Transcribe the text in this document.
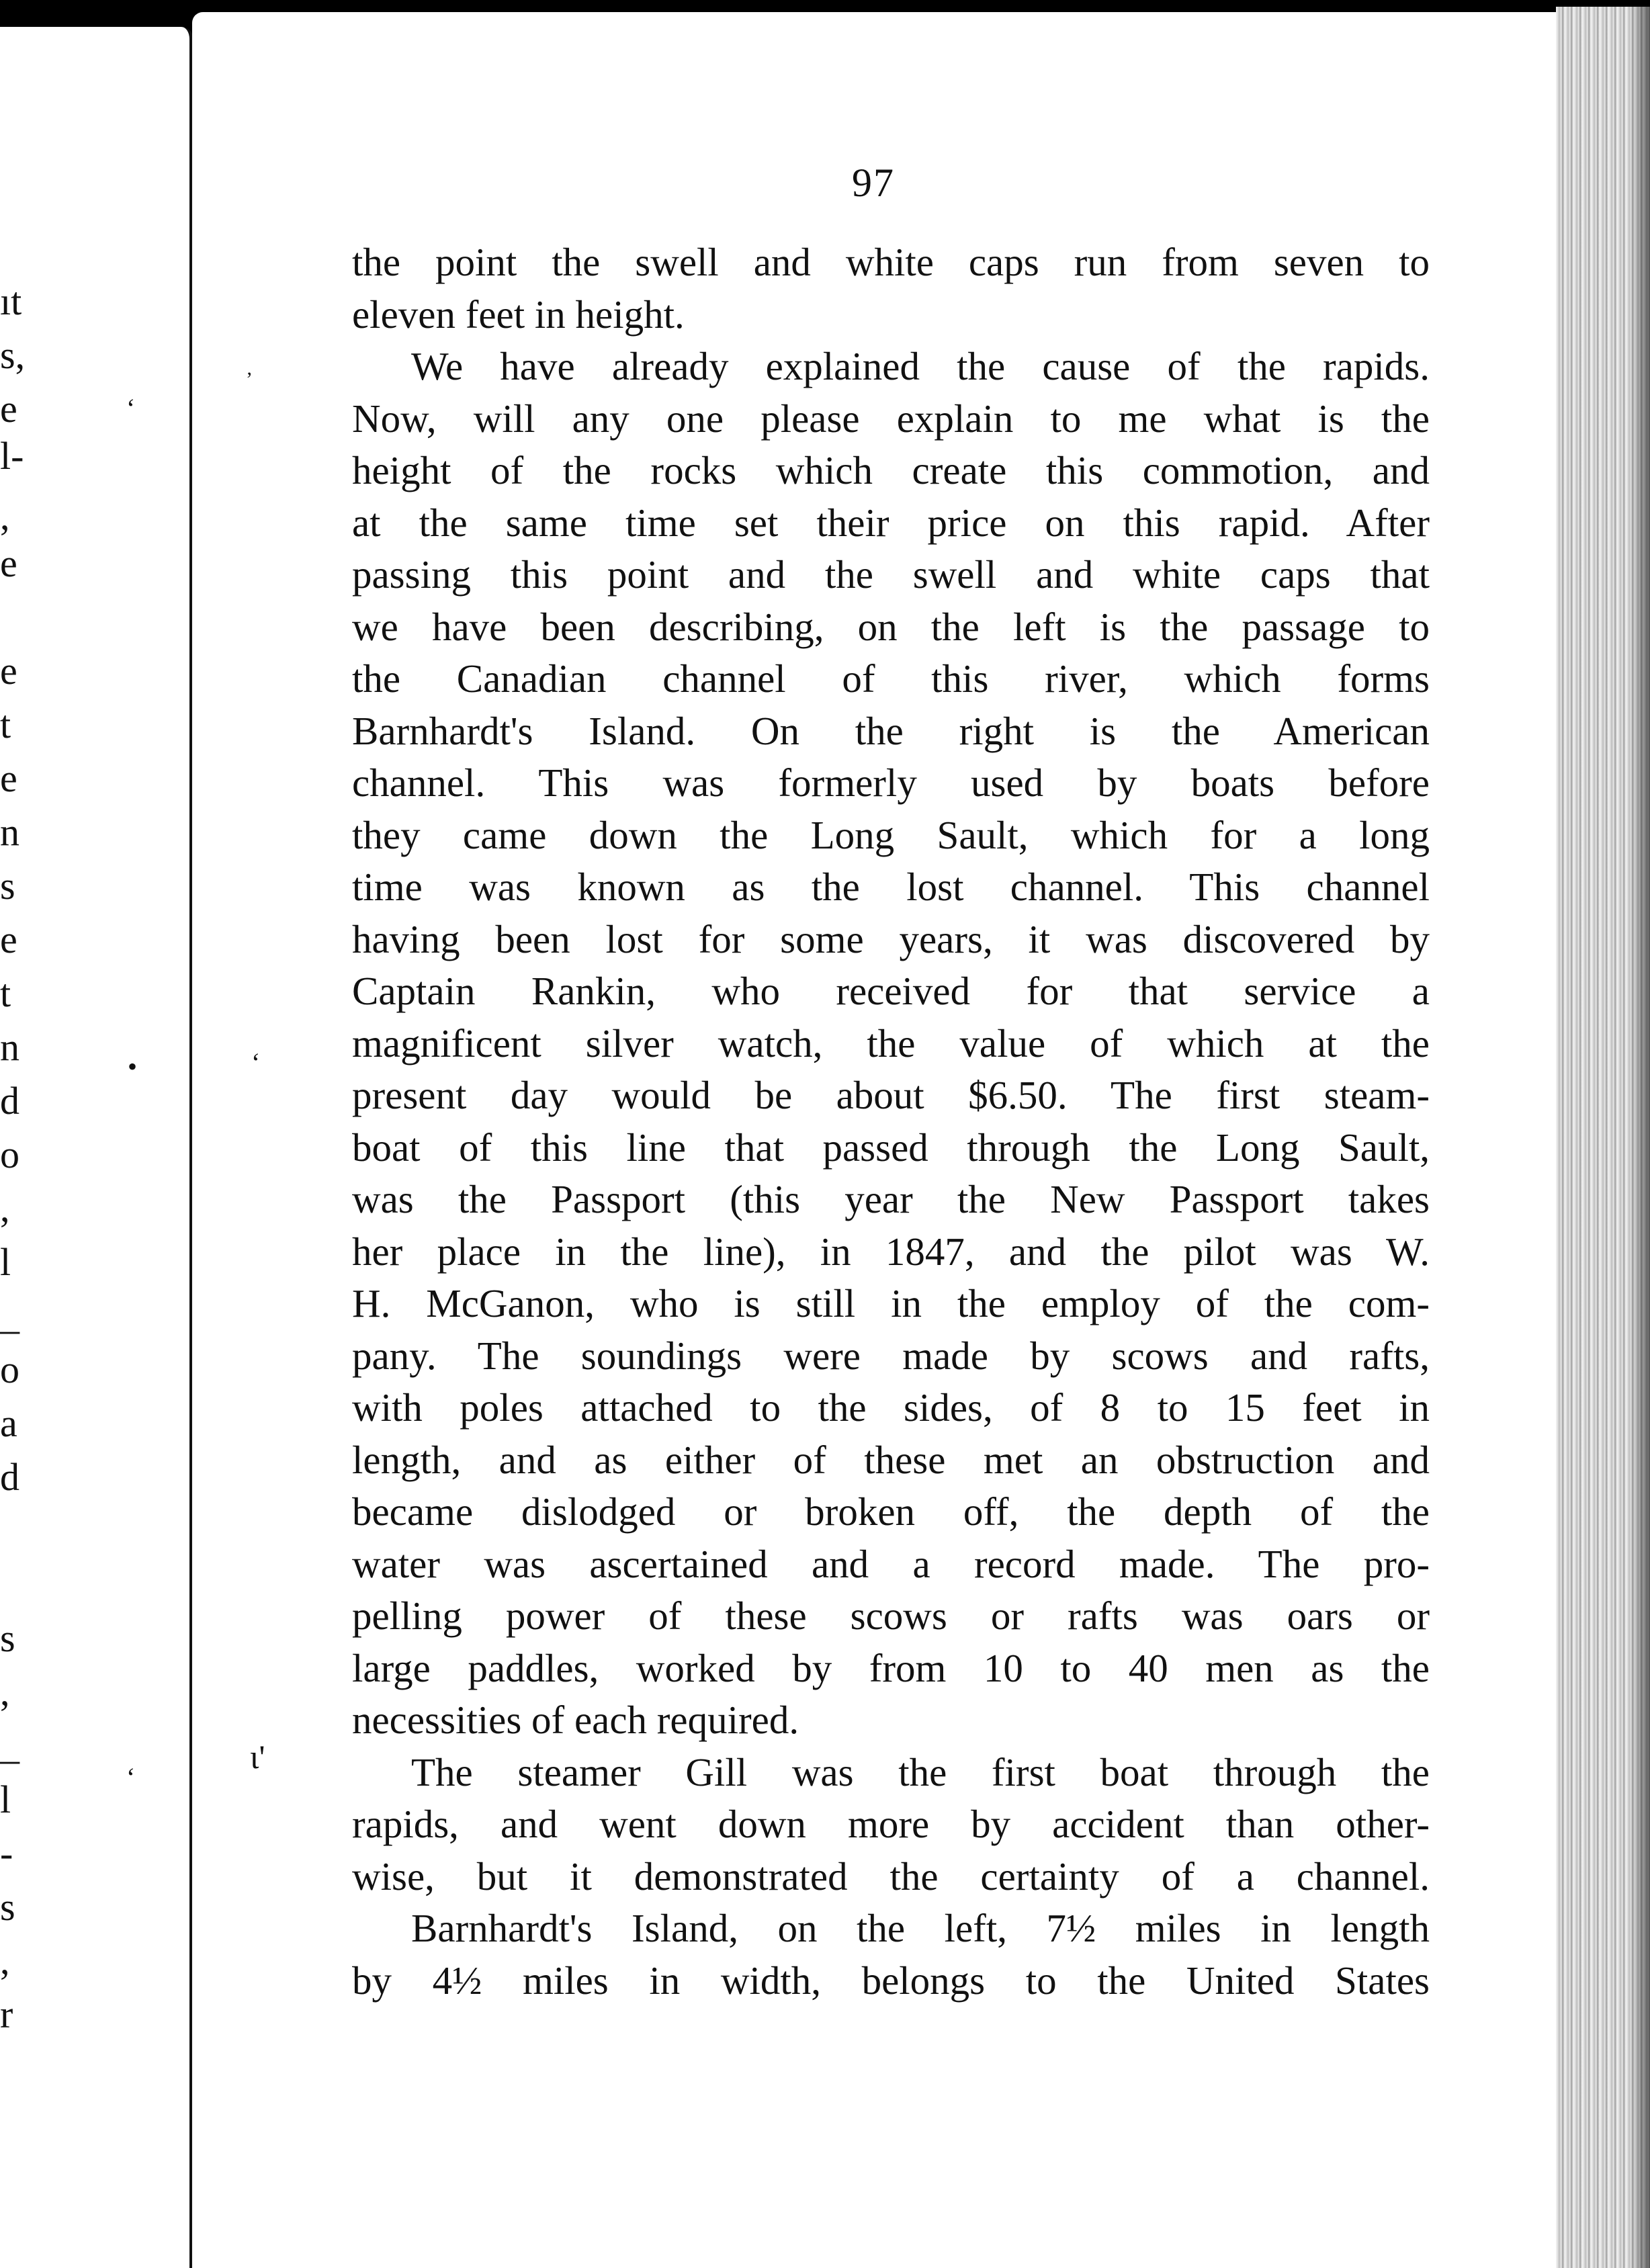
ıt
s,
e
l-
,
e
e
t
e
n
s
e
t
n
d
o
,
l
_
o
a
d
s
,
_
l
-
s
,
r
‘
•
‘
’
ʻ
ɩ'
97
the point the swell and white caps run from seven to
eleven feet in height.
We have already explained the cause of the rapids.
Now, will any one please explain to me what is the
height of the rocks which create this commotion, and
at the same time set their price on this rapid. After
passing this point and the swell and white caps that
we have been describing, on the left is the passage to
the Canadian channel of this river, which forms
Barnhardt's Island. On the right is the American
channel. This was formerly used by boats before
they came down the Long Sault, which for a long
time was known as the lost channel. This channel
having been lost for some years, it was discovered by
Captain Rankin, who received for that service a
magnificent silver watch, the value of which at the
present day would be about $6.50. The first steam-
boat of this line that passed through the Long Sault,
was the Passport (this year the New Passport takes
her place in the line), in 1847, and the pilot was W.
H. McGanon, who is still in the employ of the com-
pany. The soundings were made by scows and rafts,
with poles attached to the sides, of 8 to 15 feet in
length, and as either of these met an obstruction and
became dislodged or broken off, the depth of the
water was ascertained and a record made. The pro-
pelling power of these scows or rafts was oars or
large paddles, worked by from 10 to 40 men as the
necessities of each required.
The steamer Gill was the first boat through the
rapids, and went down more by accident than other-
wise, but it demonstrated the certainty of a channel.
Barnhardt's Island, on the left, 7½ miles in length
by 4½ miles in width, belongs to the United States
